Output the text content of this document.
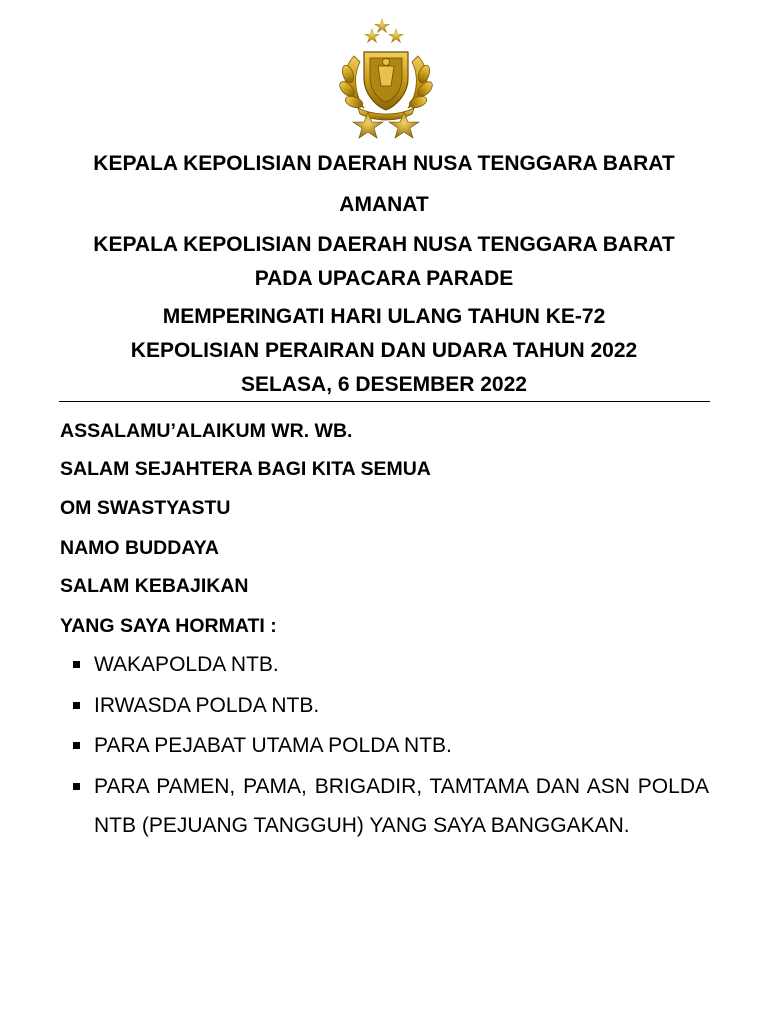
KEPALA KEPOLISIAN DAERAH NUSA TENGGARA BARAT

AMANAT

KEPALA KEPOLISIAN DAERAH NUSA TENGGARA BARAT

PADA UPACARA PARADE

MEMPERINGATI HARI ULANG TAHUN KE-72

KEPOLISIAN PERAIRAN DAN UDARA TAHUN 2022

SELASA, 6 DESEMBER 2022

ASSALAMU’ALAIKUM WR. WB.

SALAM SEJAHTERA BAGI KITA SEMUA

OM SWASTYASTU

NAMO BUDDAYA

SALAM KEBAJIKAN

YANG SAYA HORMATI :

WAKAPOLDA NTB.
IRWASDA POLDA NTB.
PARA PEJABAT UTAMA POLDA NTB.
PARA PAMEN, PAMA, BRIGADIR, TAMTAMA DAN ASN POLDA NTB (PEJUANG TANGGUH) YANG SAYA BANGGAKAN.
